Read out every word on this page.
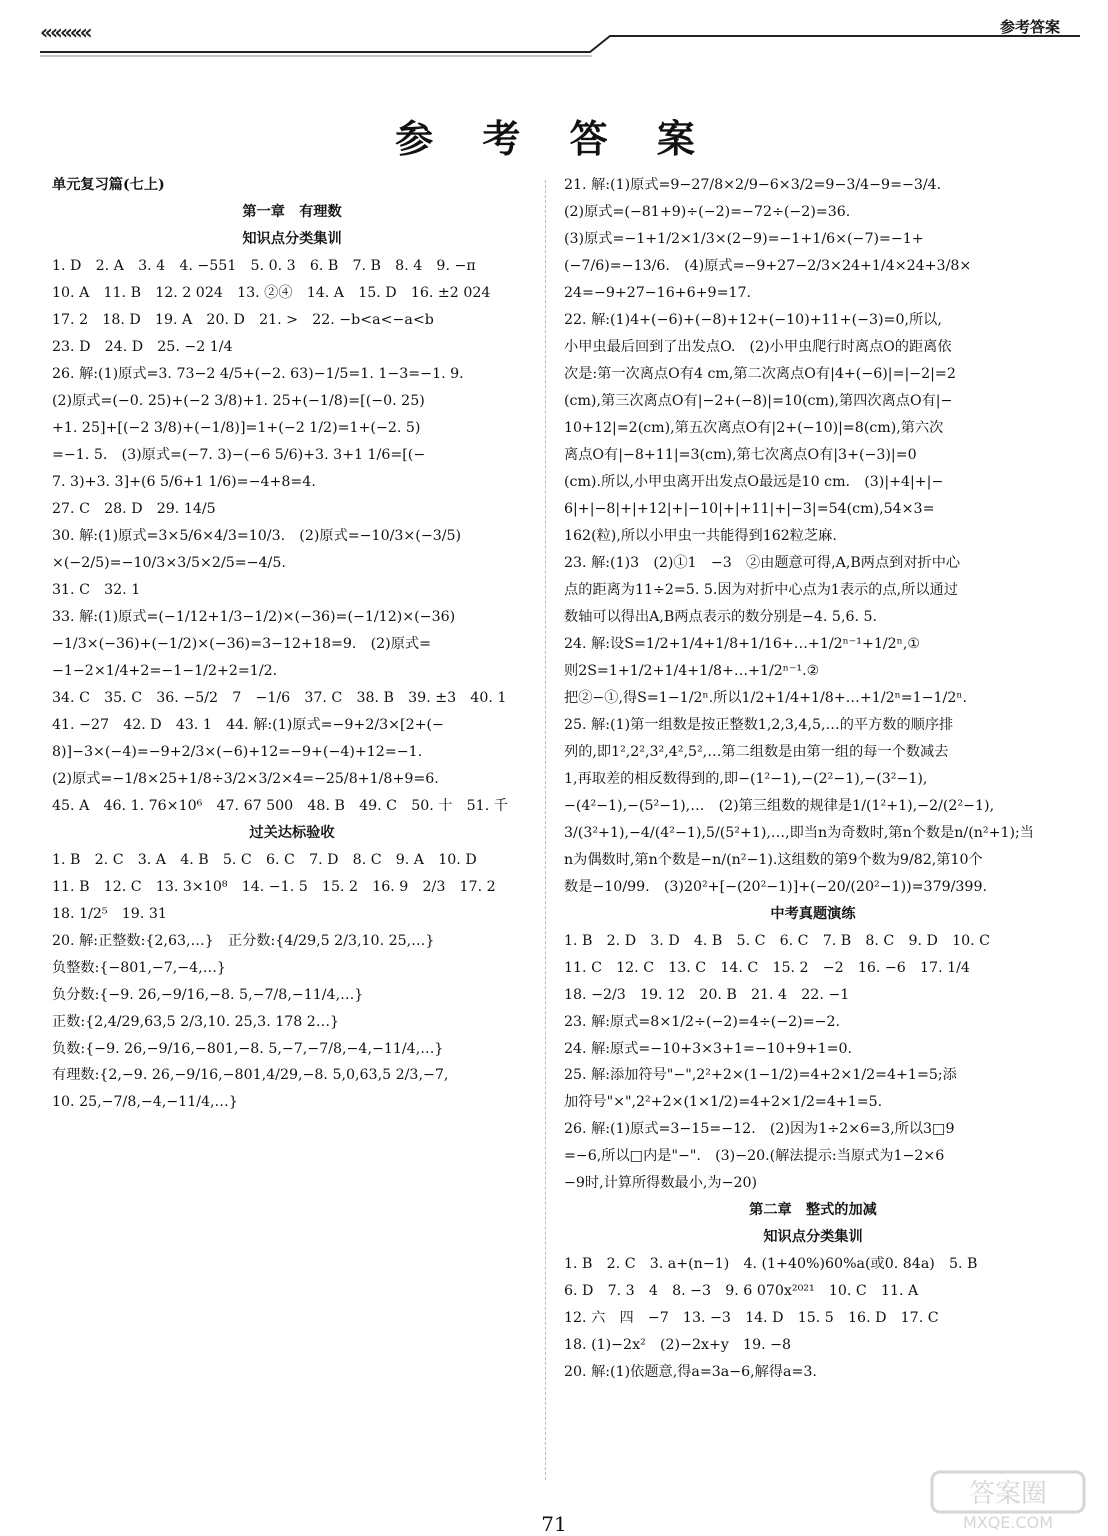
«««««	参考答案
参 考 答 案

单元复习篇(七上)

第一章　有理数

知识点分类集训

1. D　2. A　3. 4　4. −551　5. 0. 3　6. B　7. B　8. 4　9. −π

10. A　11. B　12. 2 024　13. ②④　14. A　15. D　16. ±2 024

17. 2　18. D　19. A　20. D　21. >　22. −b<a<−a<b

23. D　24. D　25. −2 1/4

26. 解:(1)原式=3. 73−2 4/5+(−2. 63)−1/5=1. 1−3=−1. 9.

(2)原式=(−0. 25)+(−2 3/8)+1. 25+(−1/8)=[(−0. 25)

+1. 25]+[(−2 3/8)+(−1/8)]=1+(−2 1/2)=1+(−2. 5)

=−1. 5.　(3)原式=(−7. 3)−(−6 5/6)+3. 3+1 1/6=[(−

7. 3)+3. 3]+(6 5/6+1 1/6)=−4+8=4.

27. C　28. D　29. 14/5

30. 解:(1)原式=3×5/6×4/3=10/3.　(2)原式=−10/3×(−3/5)

×(−2/5)=−10/3×3/5×2/5=−4/5.

31. C　32. 1

33. 解:(1)原式=(−1/12+1/3−1/2)×(−36)=(−1/12)×(−36)

−1/3×(−36)+(−1/2)×(−36)=3−12+18=9.　(2)原式=

−1−2×1/4+2=−1−1/2+2=1/2.

34. C　35. C　36. −5/2　7　−1/6　37. C　38. B　39. ±3　40. 1

41. −27　42. D　43. 1　44. 解:(1)原式=−9+2/3×[2+(−

8)]−3×(−4)=−9+2/3×(−6)+12=−9+(−4)+12=−1.

(2)原式=−1/8×25+1/8÷3/2×3/2×4=−25/8+1/8+9=6.

45. A　46. 1. 76×10⁶　47. 67 500　48. B　49. C　50. 十　51. 千

过关达标验收

1. B　2. C　3. A　4. B　5. C　6. C　7. D　8. C　9. A　10. D

11. B　12. C　13. 3×10⁸　14. −1. 5　15. 2　16. 9　2/3　17. 2

18. 1/2⁵　19. 31

20. 解:正整数:{2,63,…}　正分数:{4/29,5 2/3,10. 25,…}

负整数:{−801,−7,−4,…}

负分数:{−9. 26,−9/16,−8. 5,−7/8,−11/4,…}

正数:{2,4/29,63,5 2/3,10. 25,3. 178 2…}

负数:{−9. 26,−9/16,−801,−8. 5,−7,−7/8,−4,−11/4,…}

有理数:{2,−9. 26,−9/16,−801,4/29,−8. 5,0,63,5 2/3,−7,

10. 25,−7/8,−4,−11/4,…}

21. 解:(1)原式=9−27/8×2/9−6×3/2=9−3/4−9=−3/4.

(2)原式=(−81+9)÷(−2)=−72÷(−2)=36.

(3)原式=−1+1/2×1/3×(2−9)=−1+1/6×(−7)=−1+

(−7/6)=−13/6.　(4)原式=−9+27−2/3×24+1/4×24+3/8×

24=−9+27−16+6+9=17.

22. 解:(1)4+(−6)+(−8)+12+(−10)+11+(−3)=0,所以,

小甲虫最后回到了出发点O.　(2)小甲虫爬行时离点O的距离依

次是:第一次离点O有4 cm,第二次离点O有|4+(−6)|=|−2|=2

(cm),第三次离点O有|−2+(−8)|=10(cm),第四次离点O有|−

10+12|=2(cm),第五次离点O有|2+(−10)|=8(cm),第六次

离点O有|−8+11|=3(cm),第七次离点O有|3+(−3)|=0

(cm).所以,小甲虫离开出发点O最远是10 cm.　(3)|+4|+|−

6|+|−8|+|+12|+|−10|+|+11|+|−3|=54(cm),54×3=

162(粒),所以小甲虫一共能得到162粒芝麻.

23. 解:(1)3　(2)①1　−3　②由题意可得,A,B两点到对折中心

点的距离为11÷2=5. 5.因为对折中心点为1表示的点,所以通过

数轴可以得出A,B两点表示的数分别是−4. 5,6. 5.

24. 解:设S=1/2+1/4+1/8+1/16+…+1/2ⁿ⁻¹+1/2ⁿ,①

则2S=1+1/2+1/4+1/8+…+1/2ⁿ⁻¹.②

把②−①,得S=1−1/2ⁿ.所以1/2+1/4+1/8+…+1/2ⁿ=1−1/2ⁿ.

25. 解:(1)第一组数是按正整数1,2,3,4,5,…的平方数的顺序排

列的,即1²,2²,3²,4²,5²,…第二组数是由第一组的每一个数减去

1,再取差的相反数得到的,即−(1²−1),−(2²−1),−(3²−1),

−(4²−1),−(5²−1),…　(2)第三组数的规律是1/(1²+1),−2/(2²−1),

3/(3²+1),−4/(4²−1),5/(5²+1),…,即当n为奇数时,第n个数是n/(n²+1);当

n为偶数时,第n个数是−n/(n²−1).这组数的第9个数为9/82,第10个

数是−10/99.　(3)20²+[−(20²−1)]+(−20/(20²−1))=379/399.

中考真题演练

1. B　2. D　3. D　4. B　5. C　6. C　7. B　8. C　9. D　10. C

11. C　12. C　13. C　14. C　15. 2　−2　16. −6　17. 1/4

18. −2/3　19. 12　20. B　21. 4　22. −1

23. 解:原式=8×1/2÷(−2)=4÷(−2)=−2.

24. 解:原式=−10+3×3+1=−10+9+1=0.

25. 解:添加符号"−",2²+2×(1−1/2)=4+2×1/2=4+1=5;添

加符号"×",2²+2×(1×1/2)=4+2×1/2=4+1=5.

26. 解:(1)原式=3−15=−12.　(2)因为1÷2×6=3,所以3□9

=−6,所以□内是"−".　(3)−20.(解法提示:当原式为1−2×6

−9时,计算所得数最小,为−20)

第二章　整式的加减

知识点分类集训

1. B　2. C　3. a+(n−1)　4. (1+40%)60%a(或0. 84a)　5. B

6. D　7. 3　4　8. −3　9. 6 070x²⁰²¹　10. C　11. A

12. 六　四　−7　13. −3　14. D　15. 5　16. D　17. C

18. (1)−2x²　(2)−2x+y　19. −8

20. 解:(1)依题意,得a=3a−6,解得a=3.

答案圈
MXQE.COM
71
